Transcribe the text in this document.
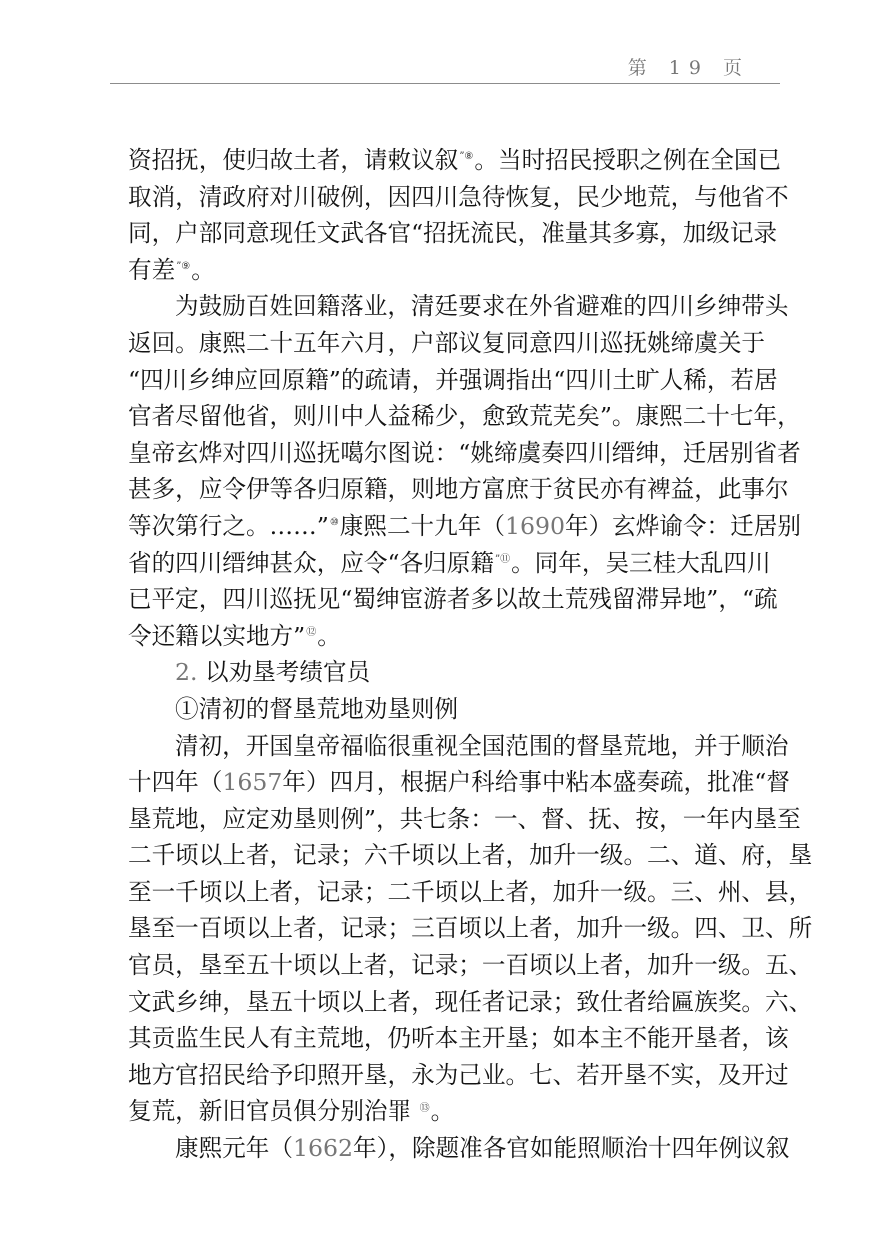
第 19 页
资招抚，使归故土者，请敕议叙”⑧。当时招民授职之例在全国已
取消，清政府对川破例，因四川急待恢复，民少地荒，与他省不
同，户部同意现任文武各官“招抚流民，准量其多寡，加级记录
有差”⑨。
为鼓励百姓回籍落业，清廷要求在外省避难的四川乡绅带头
返回。康熙二十五年六月，户部议复同意四川巡抚姚缔虞关于
“四川乡绅应回原籍”的疏请，并强调指出“四川土旷人稀，若居
官者尽留他省，则川中人益稀少，愈致荒芜矣”。康熙二十七年，
皇帝玄烨对四川巡抚噶尔图说：“姚缔虞奏四川缙绅，迁居别省者
甚多，应令伊等各归原籍，则地方富庶于贫民亦有裨益，此事尔
等次第行之。……”⑩康熙二十九年（1690年）玄烨谕令：迁居别
省的四川缙绅甚众，应令“各归原籍”⑪。同年，吴三桂大乱四川
已平定，四川巡抚见“蜀绅宦游者多以故土荒残留滞异地”，“疏
令还籍以实地方”⑫。
2. 以劝垦考绩官员
①清初的督垦荒地劝垦则例
清初，开国皇帝福临很重视全国范围的督垦荒地，并于顺治
十四年（1657年）四月，根据户科给事中粘本盛奏疏，批准“督
垦荒地，应定劝垦则例”，共七条：一、督、抚、按，一年内垦至
二千顷以上者，记录；六千顷以上者，加升一级。二、道、府，垦
至一千顷以上者，记录；二千顷以上者，加升一级。三、州、县，
垦至一百顷以上者，记录；三百顷以上者，加升一级。四、卫、所
官员，垦至五十顷以上者，记录；一百顷以上者，加升一级。五、
文武乡绅，垦五十顷以上者，现任者记录；致仕者给匾族奖。六、
其贡监生民人有主荒地，仍听本主开垦；如本主不能开垦者，该
地方官招民给予印照开垦，永为己业。七、若开垦不实，及开过
复荒，新旧官员俱分别治罪 ⑬。
康熙元年（1662年），除题准各官如能照顺治十四年例议叙
